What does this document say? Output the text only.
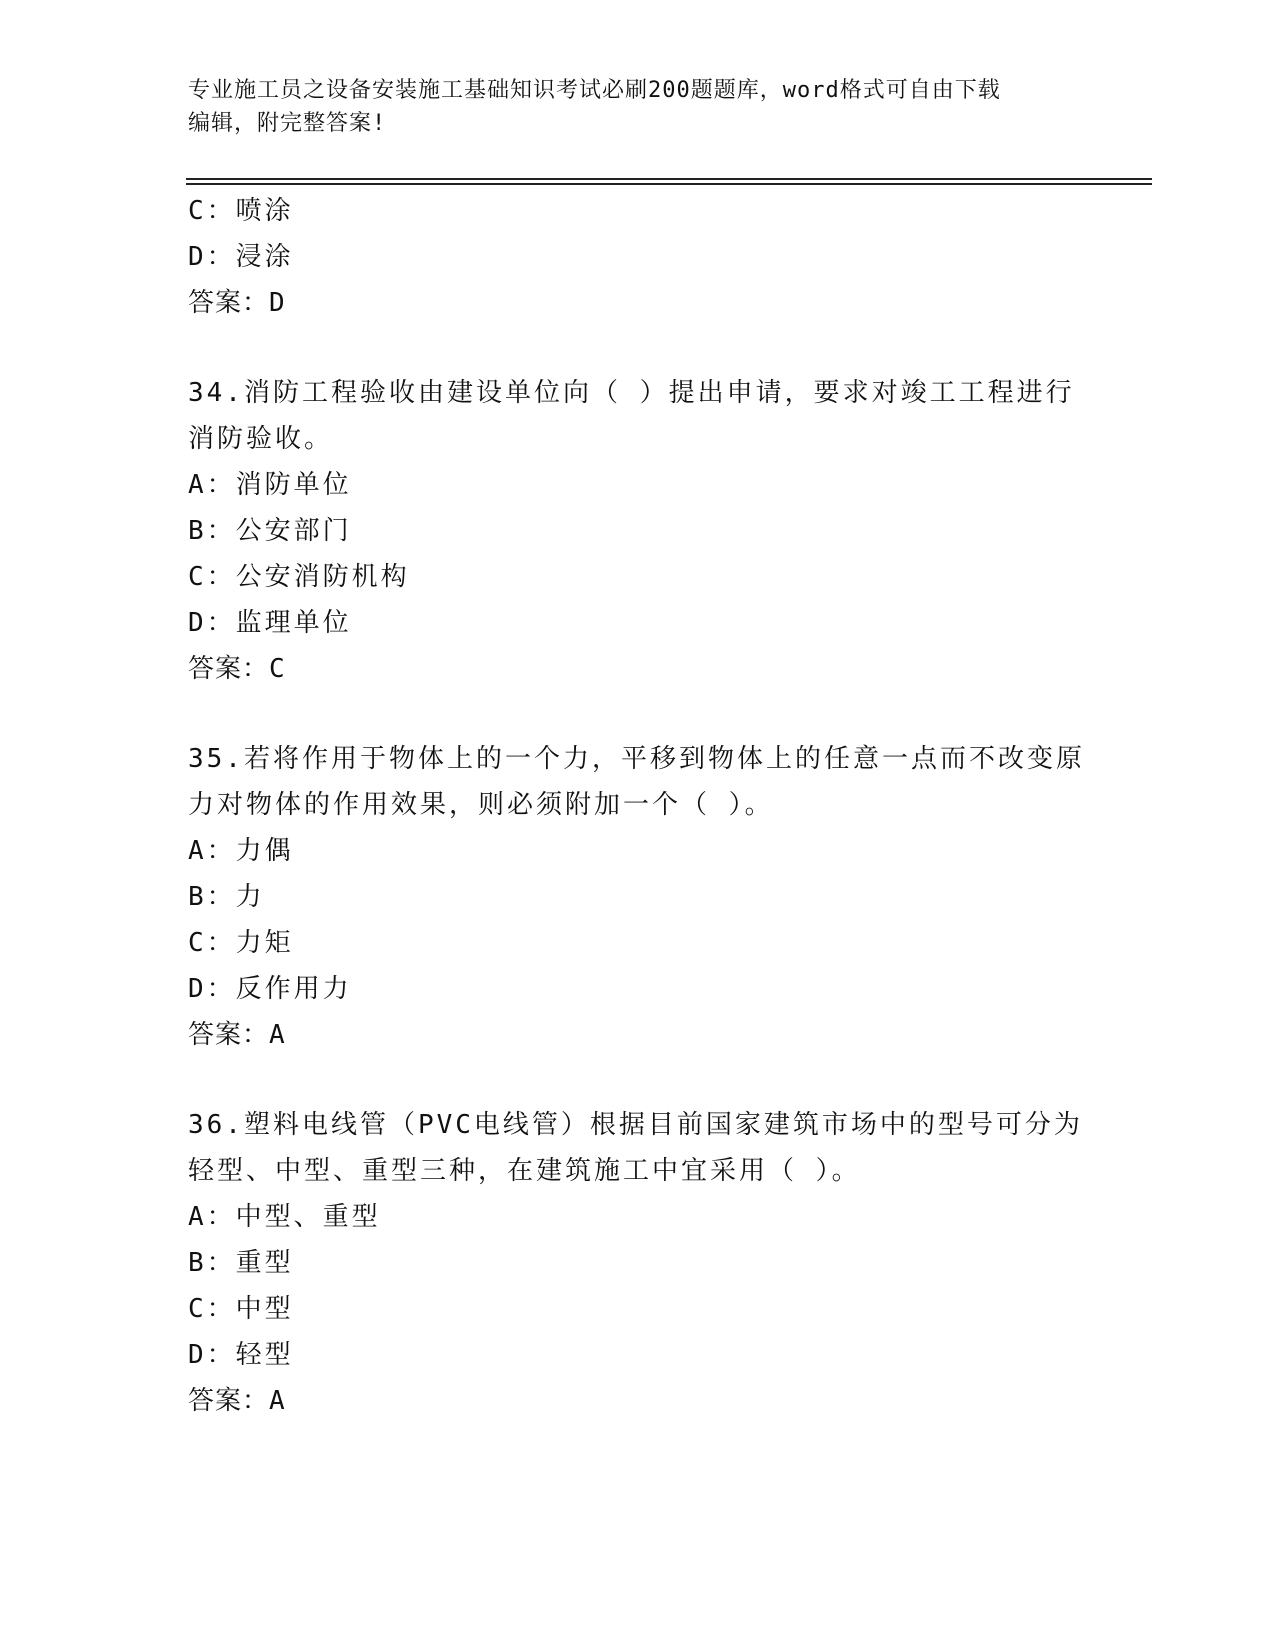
专业施工员之设备安装施工基础知识考试必刷200题题库，word格式可自由下载
编辑，附完整答案!
C：喷涂
D：浸涂
答案：D
34.消防工程验收由建设单位向（ ）提出申请，要求对竣工工程进行
消防验收。
A：消防单位
B：公安部门
C：公安消防机构
D：监理单位
答案：C
35.若将作用于物体上的一个力，平移到物体上的任意一点而不改变原
力对物体的作用效果，则必须附加一个（ ）。
A：力偶
B：力
C：力矩
D：反作用力
答案：A
36.塑料电线管（PVC电线管）根据目前国家建筑市场中的型号可分为
轻型、中型、重型三种，在建筑施工中宜采用（ ）。
A：中型、重型
B：重型
C：中型
D：轻型
答案：A
